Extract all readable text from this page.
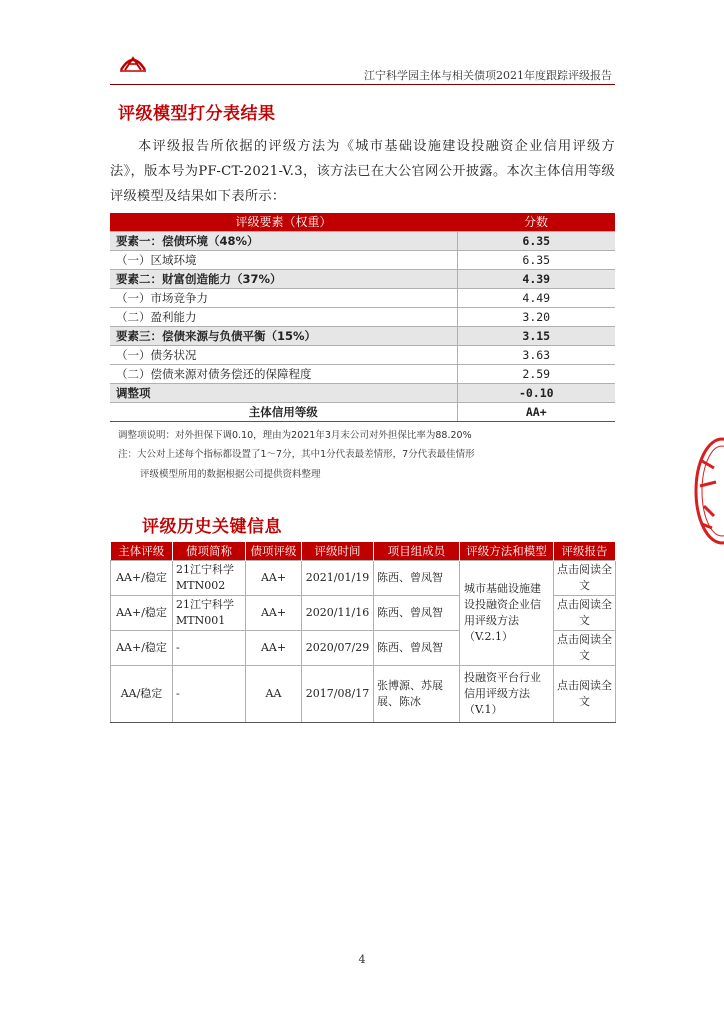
江宁科学园主体与相关债项2021年度跟踪评级报告
评级模型打分表结果
本评级报告所依据的评级方法为《城市基础设施建设投融资企业信用评级方法》，版本号为PF-CT-2021-V.3，该方法已在大公官网公开披露。本次主体信用等级评级模型及结果如下表所示：
评级要素（权重）	分数
要素一：偿债环境（48%）	6.35
（一）区域环境	6.35
要素二：财富创造能力（37%）	4.39
（一）市场竞争力	4.49
（二）盈利能力	3.20
要素三：偿债来源与负债平衡（15%）	3.15
（一）债务状况	3.63
（二）偿债来源对债务偿还的保障程度	2.59
调整项	-0.10
主体信用等级	AA+
调整项说明：对外担保下调0.10，理由为2021年3月末公司对外担保比率为88.20%
注：大公对上述每个指标都设置了1～7分，其中1分代表最差情形，7分代表最佳情形
评级模型所用的数据根据公司提供资料整理
评级历史关键信息
主体评级	债项简称	债项评级	评级时间	项目组成员	评级方法和模型	评级报告
AA+/稳定	21江宁科学MTN002	AA+	2021/01/19	陈西、曾凤智	城市基础设施建设投融资企业信用评级方法（V.2.1）	点击阅读全文
AA+/稳定	21江宁科学MTN001	AA+	2020/11/16	陈西、曾凤智		点击阅读全文
AA+/稳定	-	AA+	2020/07/29	陈西、曾凤智		点击阅读全文
AA/稳定	-	AA	2017/08/17	张博源、苏展展、陈冰	投融资平台行业信用评级方法（V.1）	点击阅读全文
4
